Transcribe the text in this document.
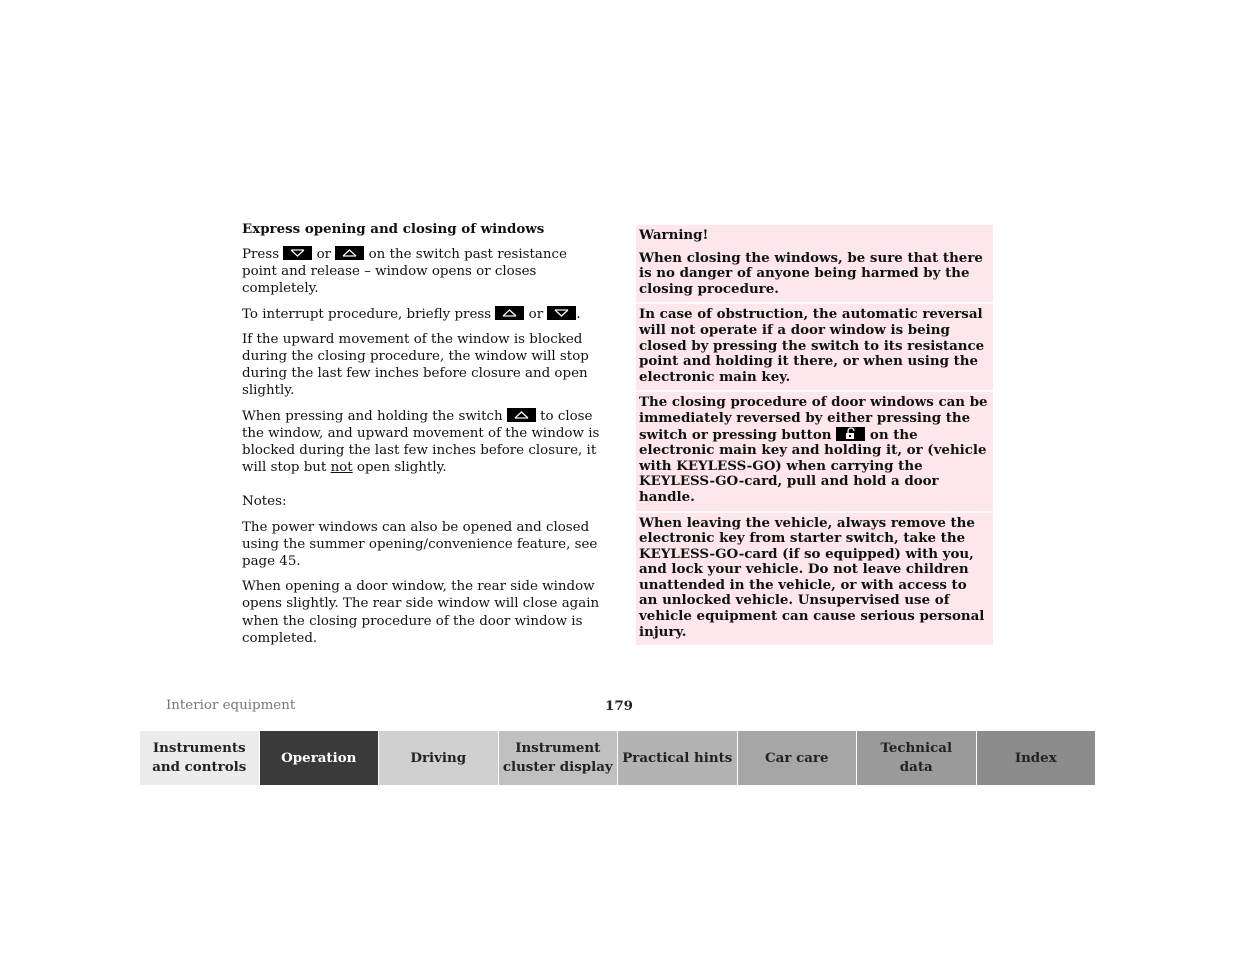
Express opening and closing of windows

Press	or	on the switch past resistance point and release – window opens or closes completely.

To interrupt procedure, briefly press	or .

If the upward movement of the window is blocked during the closing procedure, the window will stop during the last few inches before closure and open slightly.

When pressing and holding the switch	to close the window, and upward movement of the window is blocked during the last few inches before closure, it will stop but not open slightly.

Notes:

The power windows can also be opened and closed using the summer opening/convenience feature, see page 45.

When opening a door window, the rear side window opens slightly. The rear side window will close again when the closing procedure of the door window is completed.

Warning!

When closing the windows, be sure that there is no danger of anyone being harmed by the closing procedure.

In case of obstruction, the automatic reversal will not operate if a door window is being closed by pressing the switch to its resistance point and holding it there, or when using the electronic main key.

The closing procedure of door windows can be immediately reversed by either pressing the switch or pressing button	on the electronic main key and holding it, or (vehicle with KEYLESS-GO) when carrying the KEYLESS-GO-card, pull and hold a door handle.

When leaving the vehicle, always remove the electronic key from starter switch, take the KEYLESS-GO-card (if so equipped) with you, and lock your vehicle. Do not leave children unattended in the vehicle, or with access to an unlocked vehicle. Unsupervised use of vehicle equipment can cause serious personal injury.

Interior equipment	179
Instruments
and controls
Operation	Driving
Instrument
cluster display
Practical hints	Car care
Technical
data
Index
